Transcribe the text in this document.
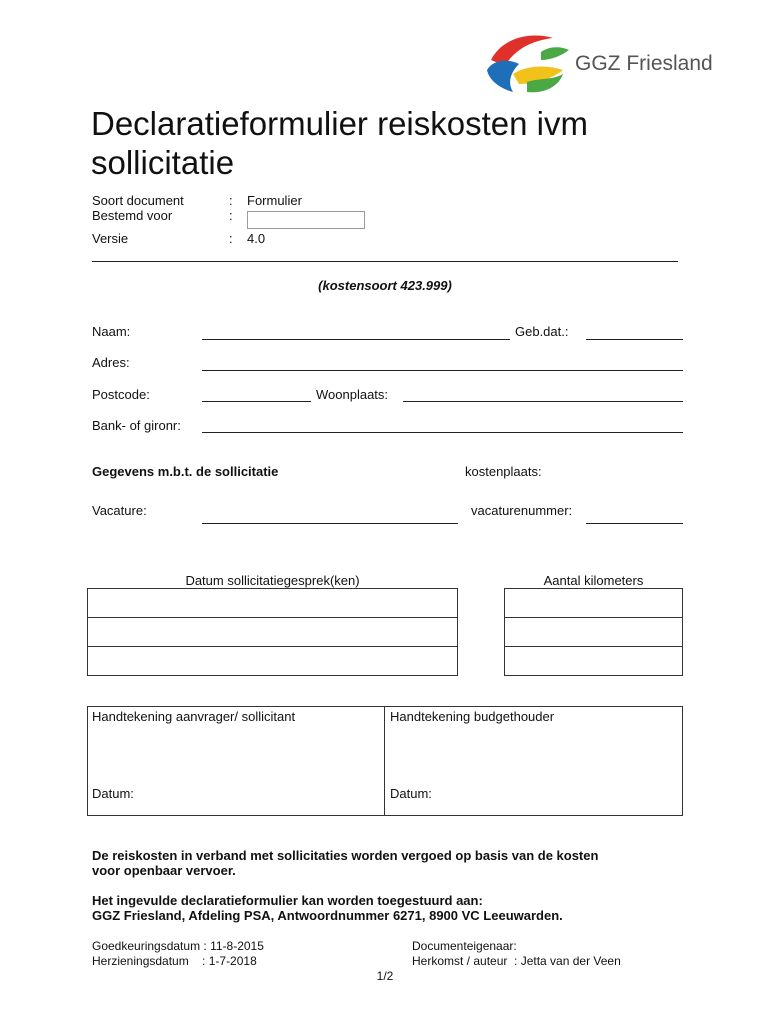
GGZ Friesland
Declaratieformulier reiskosten ivm sollicitatie
Soort document	: Formulier
Bestemd voor	:
Versie	: 4.0
(kostensoort 423.999)
Naam:	Geb.dat.:
Adres:
Postcode:	Woonplaats:
Bank- of gironr:
Gegevens m.b.t. de sollicitatie	kostenplaats:
Vacature:	vacaturenummer:
Datum sollicitatiegesprek(ken)	Aantal kilometers
Handtekening aanvrager/ sollicitant	Handtekening budgethouder
Datum:	Datum:
De reiskosten in verband met sollicitaties worden vergoed op basis van de kosten
voor openbaar vervoer.
Het ingevulde declaratieformulier kan worden toegestuurd aan:
GGZ Friesland, Afdeling PSA, Antwoordnummer 6271, 8900 VC Leeuwarden.
Goedkeuringsdatum : 11-8-2015
Herzieningsdatum    : 1-7-2018
Documenteigenaar:
Herkomst / auteur  : Jetta van der Veen
1/2
